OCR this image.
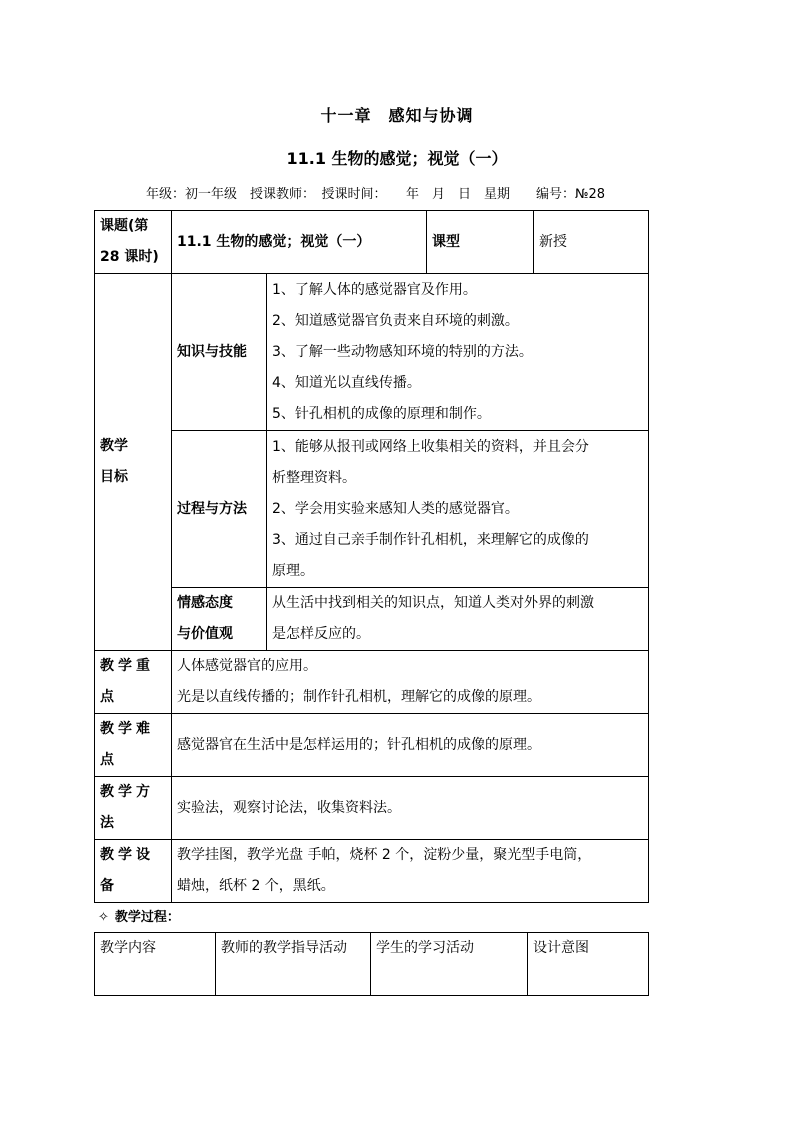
十一章　感知与协调
11.1 生物的感觉；视觉（一）
年级：初一年级　授课教师：　授课时间：　　年　月　日　星期　　编号：№28
课题(第
28 课时)	11.1 生物的感觉；视觉（一）		课型	新授

教学
目标	知识与技能	1、了解人体的感觉器官及作用。
2、知道感觉器官负责来自环境的刺激。
3、了解一些动物感知环境的特别的方法。
4、知道光以直线传播。
5、针孔相机的成像的原理和制作。		

	过程与方法	1、能够从报刊或网络上收集相关的资料，并且会分
析整理资料。
2、学会用实验来感知人类的感觉器官。
3、通过自己亲手制作针孔相机，来理解它的成像的
原理。		

	情感态度
与价值观	从生活中找到相关的知识点，知道人类对外界的刺激
是怎样反应的。		

教学重
点	人体感觉器官的应用。
光是以直线传播的；制作针孔相机，理解它的成像的原理。			

教学难
点	感觉器官在生活中是怎样运用的；针孔相机的成像的原理。			

教学方
法	实验法，观察讨论法，收集资料法。			

教学设
备	教学挂图，教学光盘 手帕，烧杯 2 个，淀粉少量，聚光型手电筒，
蜡烛，纸杯 2 个，黑纸。			
✧ 教学过程：
教学内容	教师的教学指导活动	学生的学习活动	设计意图
